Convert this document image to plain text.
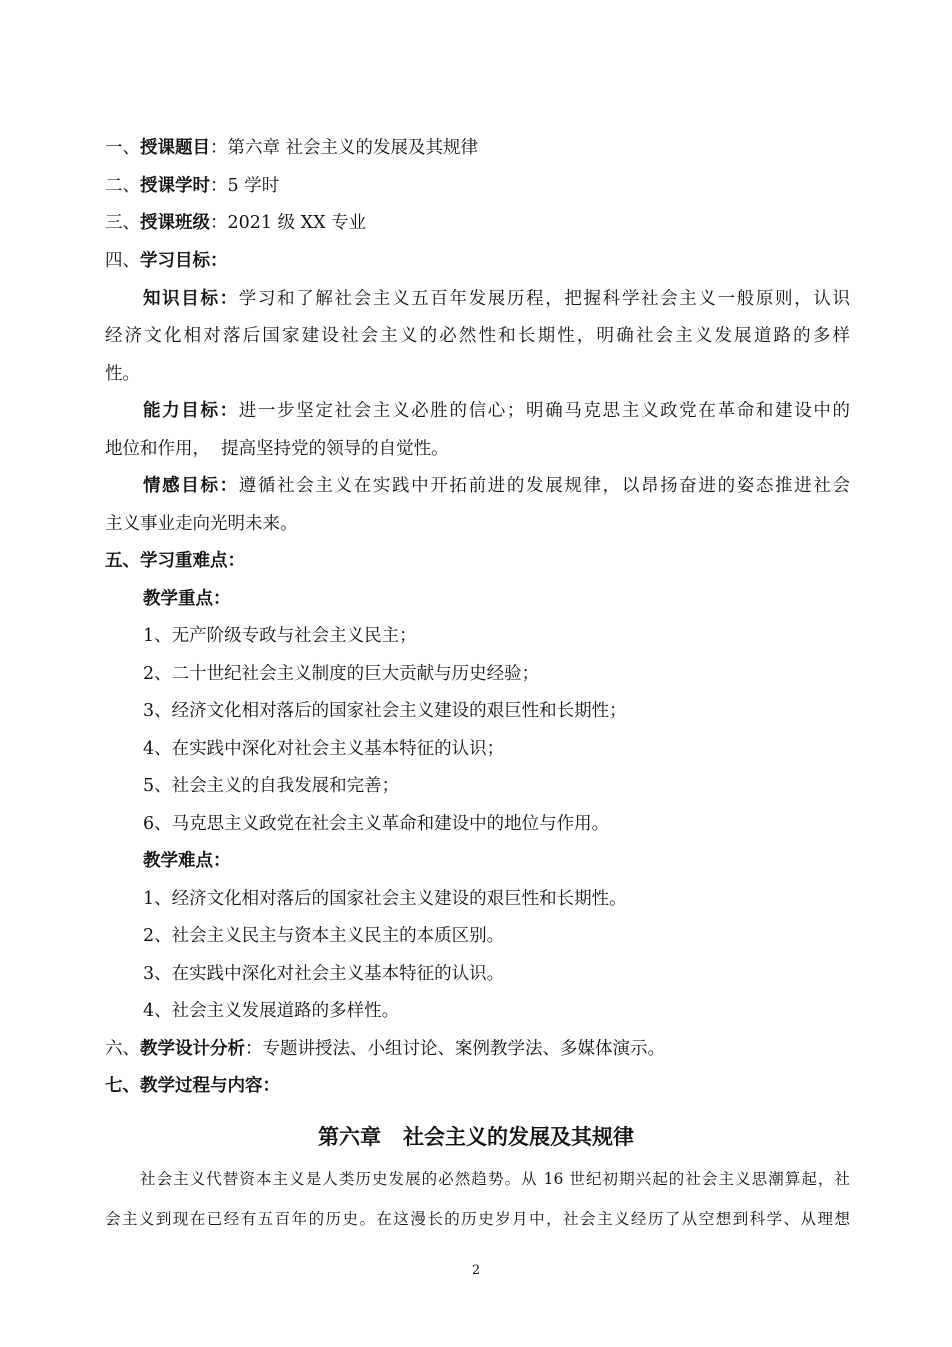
一、授课题目：第六章 社会主义的发展及其规律
二、授课学时：5 学时
三、授课班级：2021 级 XX 专业
四、学习目标：
知识目标：学习和了解社会主义五百年发展历程，把握科学社会主义一般原则，认识
经济文化相对落后国家建设社会主义的必然性和长期性，明确社会主义发展道路的多样
性。
能力目标：进一步坚定社会主义必胜的信心；明确马克思主义政党在革命和建设中的
地位和作用，  提高坚持党的领导的自觉性。
情感目标：遵循社会主义在实践中开拓前进的发展规律，以昂扬奋进的姿态推进社会
主义事业走向光明未来。
五、学习重难点：
教学重点：
1、无产阶级专政与社会主义民主；
2、二十世纪社会主义制度的巨大贡献与历史经验；
3、经济文化相对落后的国家社会主义建设的艰巨性和长期性；
4、在实践中深化对社会主义基本特征的认识；
5、社会主义的自我发展和完善；
6、马克思主义政党在社会主义革命和建设中的地位与作用。
教学难点：
1、经济文化相对落后的国家社会主义建设的艰巨性和长期性。
2、社会主义民主与资本主义民主的本质区别。
3、在实践中深化对社会主义基本特征的认识。
4、社会主义发展道路的多样性。
六、教学设计分析：专题讲授法、小组讨论、案例教学法、多媒体演示。
七、教学过程与内容：
第六章   社会主义的发展及其规律
社会主义代替资本主义是人类历史发展的必然趋势。从 16 世纪初期兴起的社会主义思潮算起，社
会主义到现在已经有五百年的历史。在这漫长的历史岁月中，社会主义经历了从空想到科学、从理想
2
